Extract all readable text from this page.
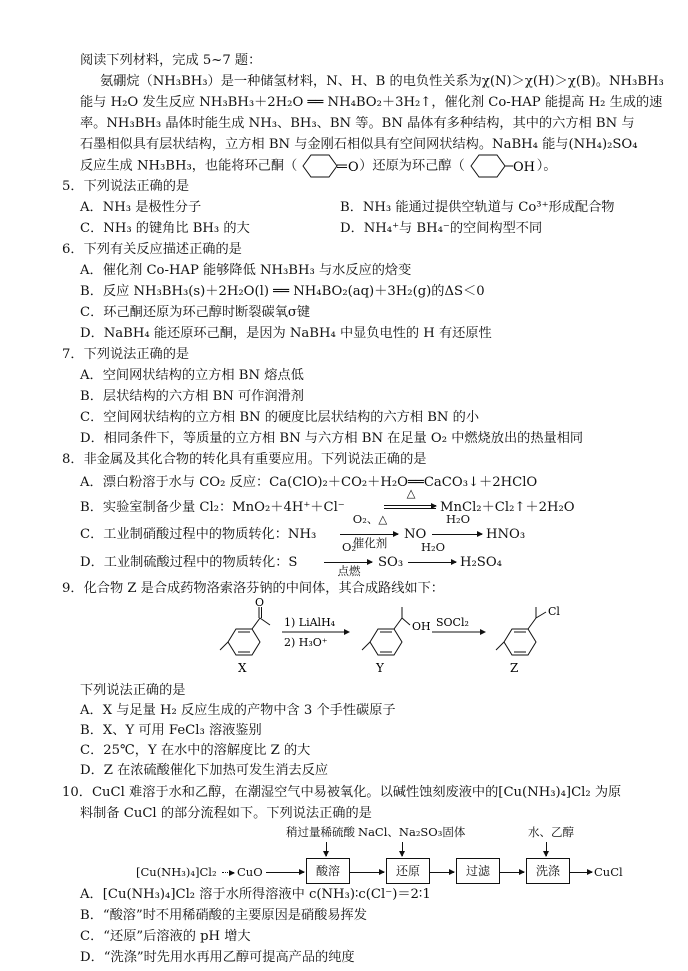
阅读下列材料，完成 5~7 题：
氨硼烷（NH₃BH₃）是一种储氢材料，N、H、B 的电负性关系为χ(N)＞χ(H)＞χ(B)。NH₃BH₃
能与 H₂O 发生反应 NH₃BH₃＋2H₂O ══ NH₄BO₂＋3H₂↑，催化剂 Co-HAP 能提高 H₂ 生成的速
率。NH₃BH₃ 晶体时能生成 NH₃、BH₃、BN 等。BN 晶体有多种结构，其中的六方相 BN 与
石墨相似具有层状结构，立方相 BN 与金刚石相似具有空间网状结构。NaBH₄ 能与(NH₄)₂SO₄
反应生成 NH₃BH₃，也能将环己酮（	O ）还原为环己醇（	OH ）。
5．下列说法正确的是
A．NH₃ 是极性分子	B．NH₃ 能通过提供空轨道与 Co³⁺形成配合物
C．NH₃ 的键角比 BH₃ 的大	D．NH₄⁺与 BH₄⁻的空间构型不同
6．下列有关反应描述正确的是
A．催化剂 Co-HAP 能够降低 NH₃BH₃ 与水反应的焓变
B．反应 NH₃BH₃(s)＋2H₂O(l) ══ NH₄BO₂(aq)＋3H₂(g)的ΔS＜0
C．环己酮还原为环己醇时断裂碳氧σ键
D．NaBH₄ 能还原环己酮，是因为 NaBH₄ 中显负电性的 H 有还原性
7．下列说法正确的是
A．空间网状结构的立方相 BN 熔点低
B．层状结构的六方相 BN 可作润滑剂
C．空间网状结构的立方相 BN 的硬度比层状结构的六方相 BN 的小
D．相同条件下，等质量的立方相 BN 与六方相 BN 在足量 O₂ 中燃烧放出的热量相同
8．非金属及其化合物的转化具有重要应用。下列说法正确的是
A．漂白粉溶于水与 CO₂ 反应：Ca(ClO)₂＋CO₂＋H₂O══CaCO₃↓＋2HClO
B．实验室制备少量 Cl₂：MnO₂＋4H⁺＋Cl⁻
△
MnCl₂＋Cl₂↑＋2H₂O
C．工业制硝酸过程中的物质转化：NH₃
O₂、△
催化剂
NO
H₂O
HNO₃
D．工业制硫酸过程中的物质转化：S
O₂
点燃
SO₃
H₂O
H₂SO₄
9．化合物 Z 是合成药物洛索洛芬钠的中间体，其合成路线如下：
O
X
1) LiAlH₄
2) H₃O⁺
OH
Y
SOCl₂
Cl
Z
下列说法正确的是
A．X 与足量 H₂ 反应生成的产物中含 3 个手性碳原子
B．X、Y 可用 FeCl₃ 溶液鉴别
C．25℃，Y 在水中的溶解度比 Z 的大
D．Z 在浓硫酸催化下加热可发生消去反应
10．CuCl 难溶于水和乙醇，在潮湿空气中易被氧化。以碱性蚀刻废液中的[Cu(NH₃)₄]Cl₂ 为原
料制备 CuCl 的部分流程如下。下列说法正确的是
稍过量稀硫酸 NaCl、Na₂SO₃固体	水、乙醇
[Cu(NH₃)₄]Cl₂ CuO	酸溶	还原	过滤	洗涤	CuCl
A．[Cu(NH₃)₄]Cl₂ 溶于水所得溶液中 c(NH₃)∶c(Cl⁻)＝2∶1
B．“酸溶”时不用稀硝酸的主要原因是硝酸易挥发
C．“还原”后溶液的 pH 增大
D．“洗涤”时先用水再用乙醇可提高产品的纯度
